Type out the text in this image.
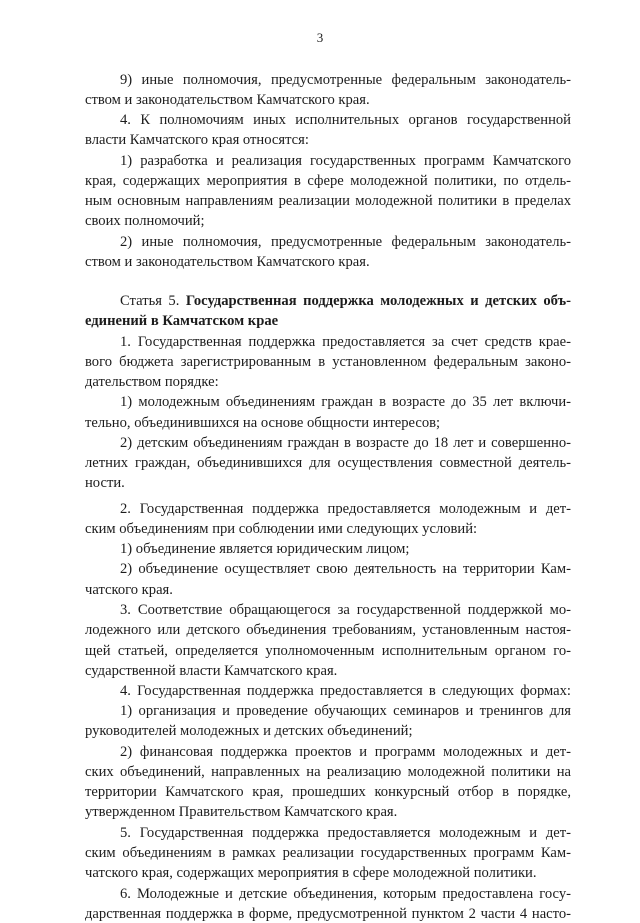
3

9) иные полномочия, предусмотренные федеральным законодатель-

ством и законодательством Камчатского края.

4. К полномочиям иных исполнительных органов государственной

власти Камчатского края относятся:

1) разработка и реализация государственных программ Камчатского

края, содержащих мероприятия в сфере молодежной политики, по отдель-

ным основным направлениям реализации молодежной политики в пределах

своих полномочий;

2) иные полномочия, предусмотренные федеральным законодатель-

ством и законодательством Камчатского края.

Статья 5. Государственная поддержка молодежных и детских объ-

единений в Камчатском крае

1. Государственная поддержка предоставляется за счет средств крае-

вого бюджета зарегистрированным в установленном федеральным законо-

дательством порядке:

1) молодежным объединениям граждан в возрасте до 35 лет включи-

тельно, объединившихся на основе общности интересов;

2) детским объединениям граждан в возрасте до 18 лет и совершенно-

летних граждан, объединившихся для осуществления совместной деятель-

ности.

2. Государственная поддержка предоставляется молодежным и дет-

ским объединениям при соблюдении ими следующих условий:

1) объединение является юридическим лицом;

2) объединение осуществляет свою деятельность на территории Кам-

чатского края.

3. Соответствие обращающегося за государственной поддержкой мо-

лодежного или детского объединения требованиям, установленным настоя-

щей статьей, определяется уполномоченным исполнительным органом го-

сударственной власти Камчатского края.

4. Государственная поддержка предоставляется в следующих формах:

1) организация и проведение обучающих семинаров и тренингов для

руководителей молодежных и детских объединений;

2) финансовая поддержка проектов и программ молодежных и дет-

ских объединений, направленных на реализацию молодежной политики на

территории Камчатского края, прошедших конкурсный отбор в порядке,

утвержденном Правительством Камчатского края.

5. Государственная поддержка предоставляется молодежным и дет-

ским объединениям в рамках реализации государственных программ Кам-

чатского края, содержащих мероприятия в сфере молодежной политики.

6. Молодежные и детские объединения, которым предоставлена госу-

дарственная поддержка в форме, предусмотренной пунктом 2 части 4 насто-
